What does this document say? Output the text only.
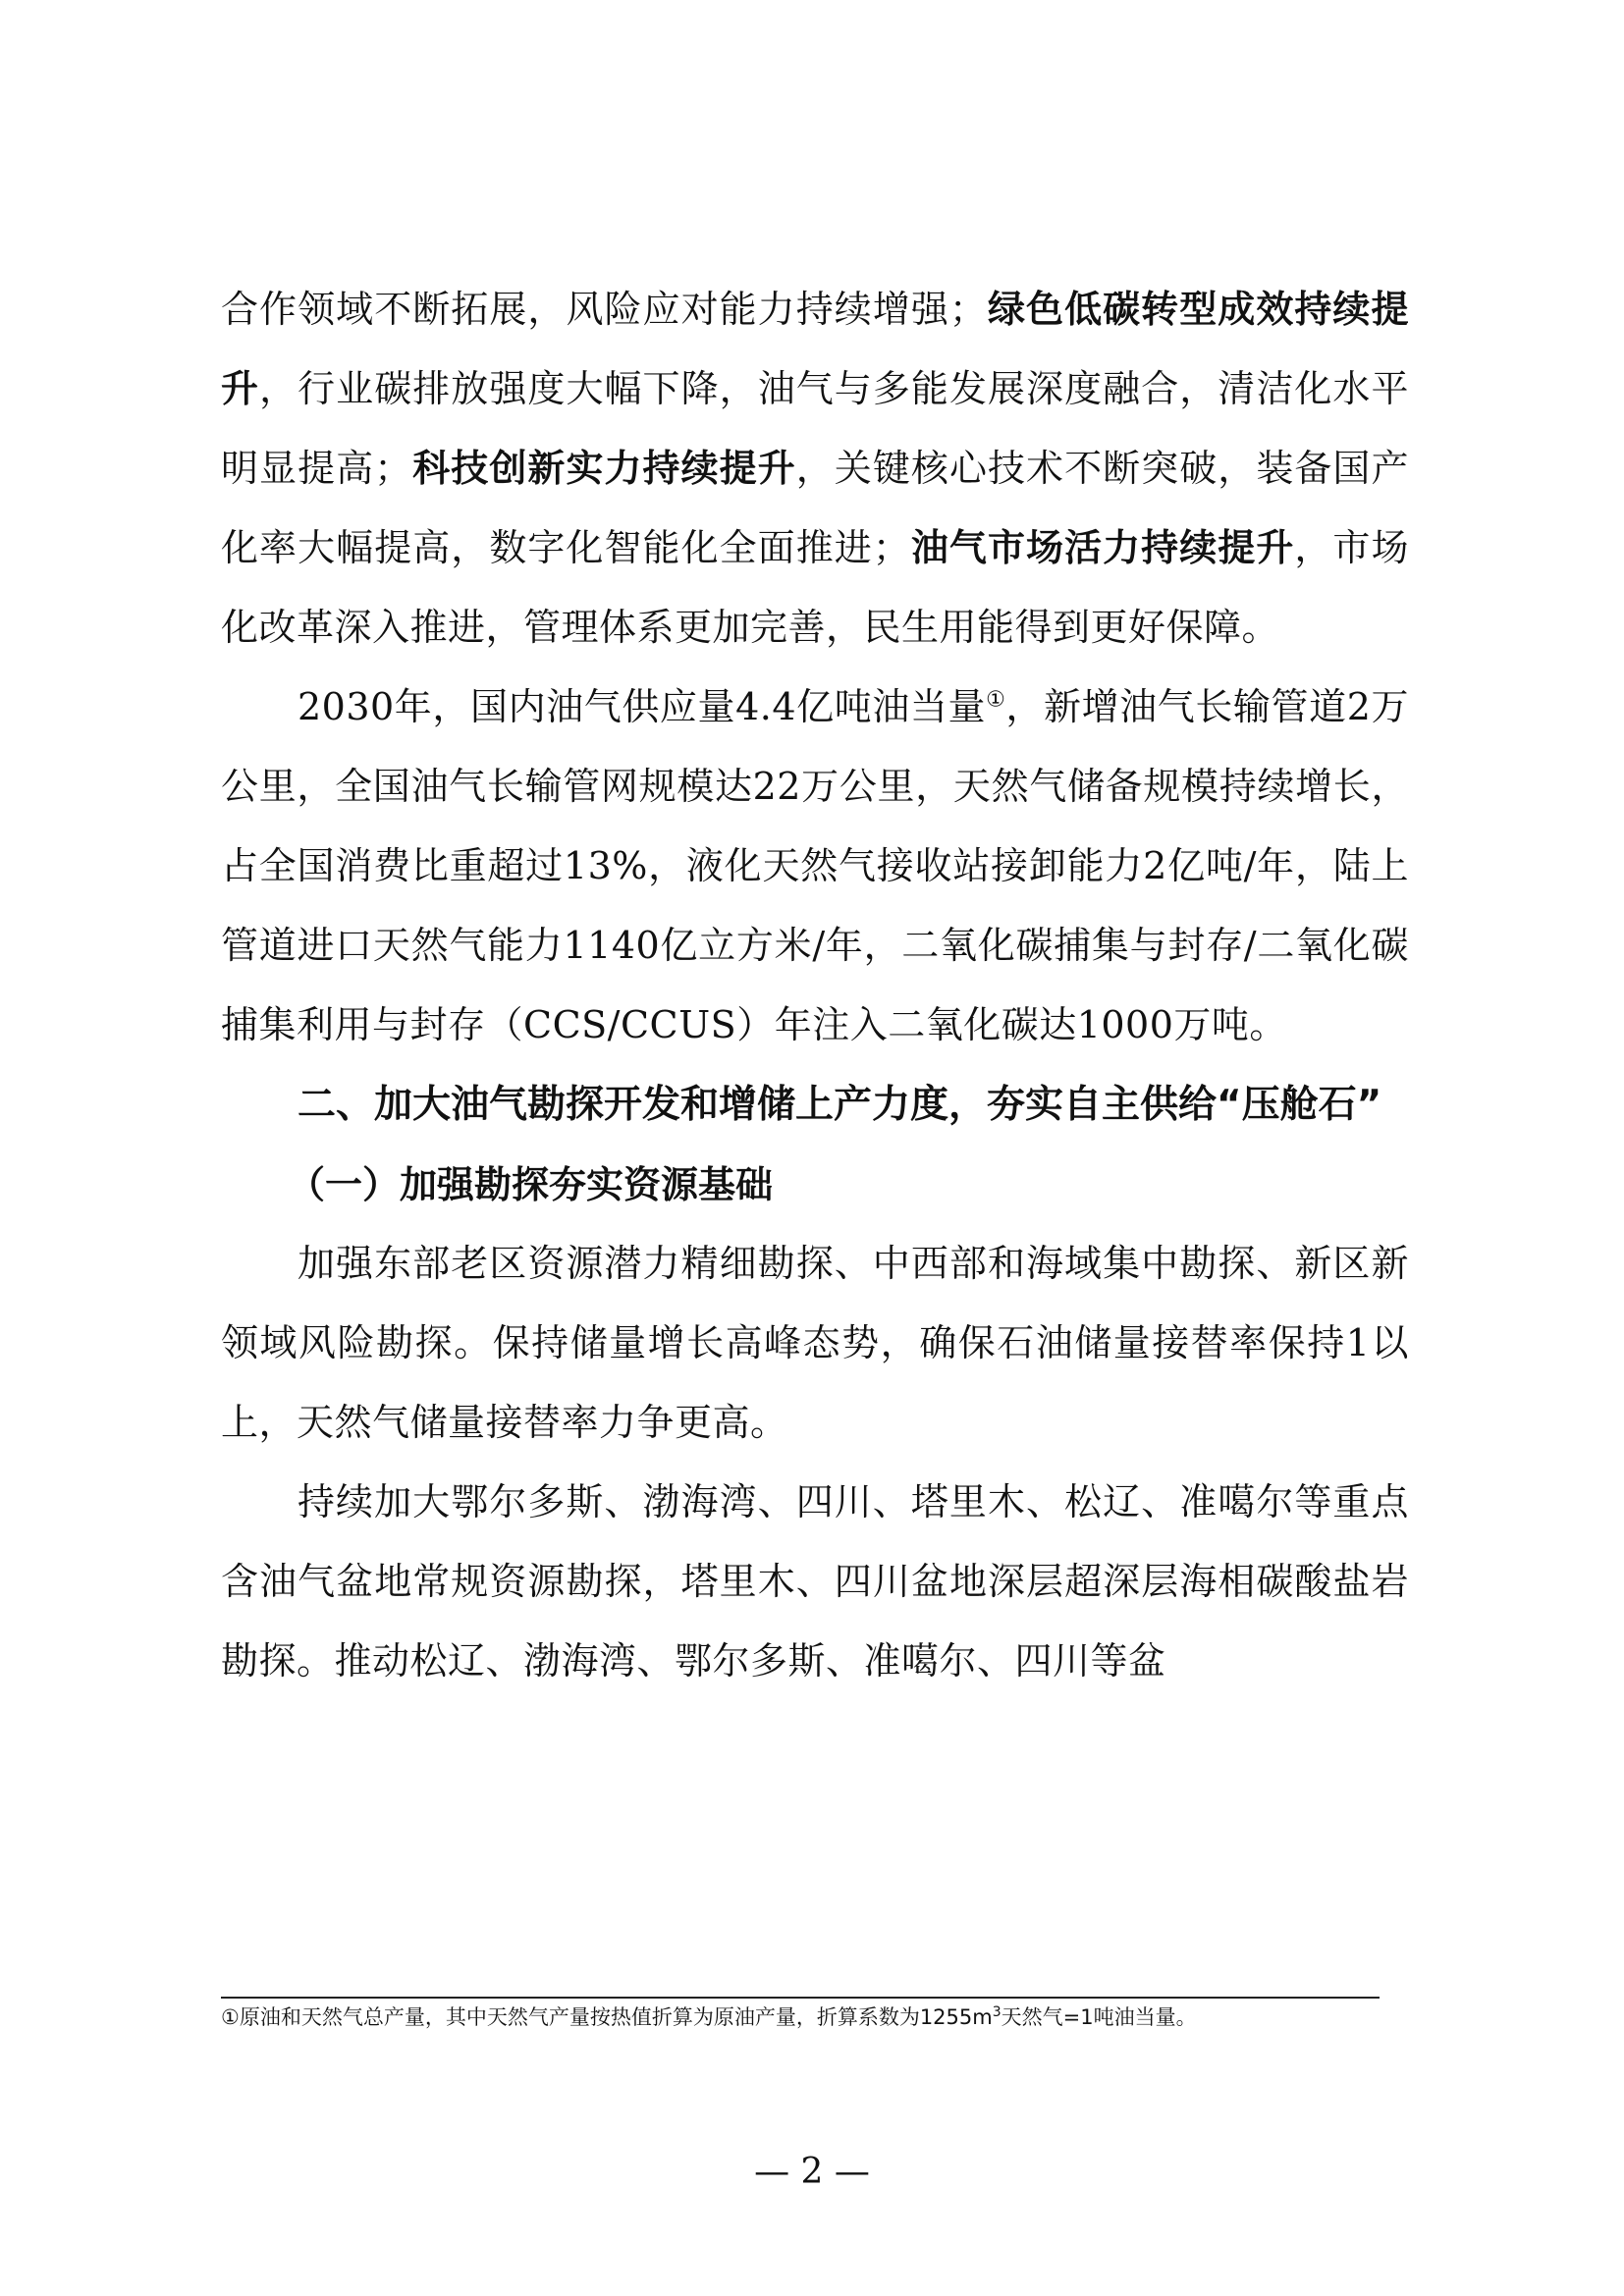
合作领域不断拓展，风险应对能力持续增强；绿色低碳转型成效持续提升，行业碳排放强度大幅下降，油气与多能发展深度融合，清洁化水平明显提高；科技创新实力持续提升，关键核心技术不断突破，装备国产化率大幅提高，数字化智能化全面推进；油气市场活力持续提升，市场化改革深入推进，管理体系更加完善，民生用能得到更好保障。

2030年，国内油气供应量4.4亿吨油当量①，新增油气长输管道2万公里，全国油气长输管网规模达22万公里，天然气储备规模持续增长，占全国消费比重超过13%，液化天然气接收站接卸能力2亿吨/年，陆上管道进口天然气能力1140亿立方米/年，二氧化碳捕集与封存/二氧化碳捕集利用与封存（CCS/CCUS）年注入二氧化碳达1000万吨。

二、加大油气勘探开发和增储上产力度，夯实自主供给“压舱石”

（一）加强勘探夯实资源基础

加强东部老区资源潜力精细勘探、中西部和海域集中勘探、新区新领域风险勘探。保持储量增长高峰态势，确保石油储量接替率保持1以上，天然气储量接替率力争更高。

持续加大鄂尔多斯、渤海湾、四川、塔里木、松辽、准噶尔等重点含油气盆地常规资源勘探，塔里木、四川盆地深层超深层海相碳酸盐岩勘探。推动松辽、渤海湾、鄂尔多斯、准噶尔、四川等盆

①原油和天然气总产量，其中天然气产量按热值折算为原油产量，折算系数为$1255m^3$天然气=1吨油当量。

— 2 —
